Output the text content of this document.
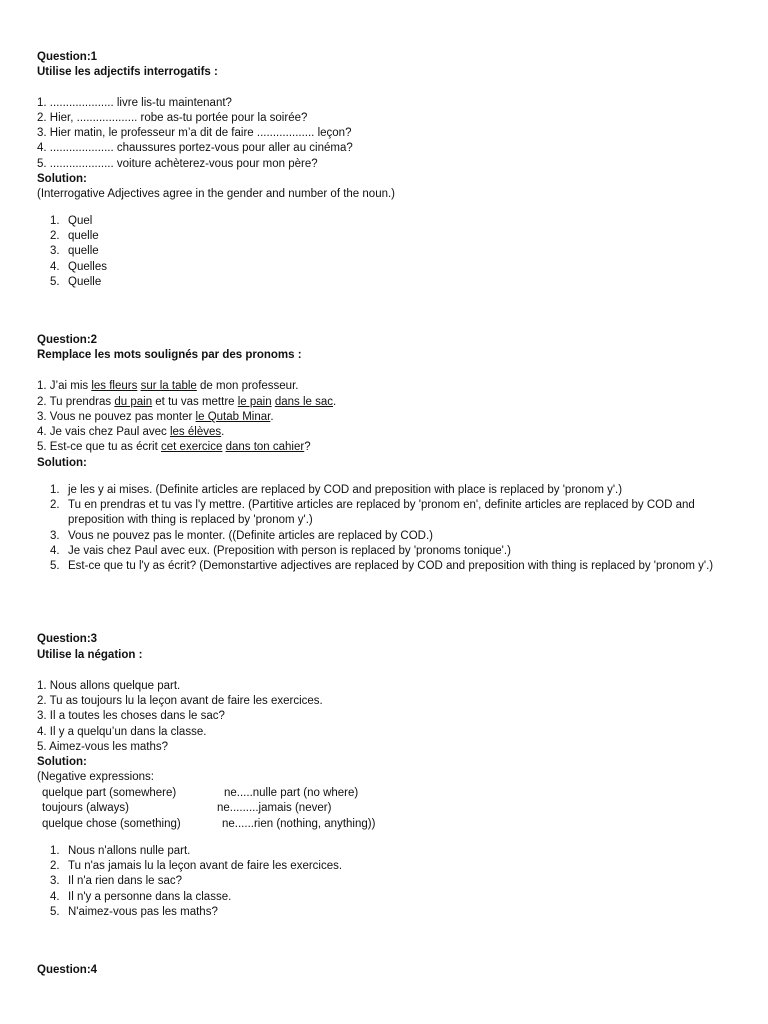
Question:1
Utilise les adjectifs interrogatifs :
1. .................... livre lis-tu maintenant?
2. Hier, ................... robe as-tu portée pour la soirée?
3. Hier matin, le professeur m’a dit de faire .................. leçon?
4. .................... chaussures portez-vous pour aller au cinéma?
5. .................... voiture achèterez-vous pour mon père?
Solution:
(Interrogative Adjectives agree in the gender and number of the noun.)
1. Quel
2. quelle
3. quelle
4. Quelles
5. Quelle
Question:2
Remplace les mots soulignés par des pronoms :
1. J’ai mis les fleurs sur la table de mon professeur.
2. Tu prendras du pain et tu vas mettre le pain dans le sac.
3. Vous ne pouvez pas monter le Qutab Minar.
4. Je vais chez Paul avec les élèves.
5. Est-ce que tu as écrit cet exercice dans ton cahier?
Solution:
1. je les y ai mises. (Definite articles are replaced by COD and preposition with place is replaced by 'pronom y'.)
2. Tu en prendras et tu vas l'y mettre. (Partitive articles are replaced by 'pronom en', definite articles are replaced by COD and preposition with thing is replaced by 'pronom y'.)
3. Vous ne pouvez pas le monter. ((Definite articles are replaced by COD.)
4. Je vais chez Paul avec eux. (Preposition with person is replaced by 'pronoms tonique'.)
5. Est-ce que tu l'y as écrit? (Demonstartive adjectives are replaced by COD and preposition with thing is replaced by 'pronom y'.)
Question:3
Utilise la négation :
1. Nous allons quelque part.
2. Tu as toujours lu la leçon avant de faire les exercices.
3. Il a toutes les choses dans le sac?
4. Il y a quelqu’un dans la classe.
5. Aimez-vous les maths?
Solution:
(Negative expressions:
quelque part (somewhere)	ne.....nulle part (no where)
toujours (always)	ne.........jamais (never)
quelque chose (something)	ne......rien (nothing, anything))
1. Nous n'allons nulle part.
2. Tu n'as jamais lu la leçon avant de faire les exercices.
3. Il n'a rien dans le sac?
4. Il n'y a personne dans la classe.
5. N'aimez-vous pas les maths?
Question:4
